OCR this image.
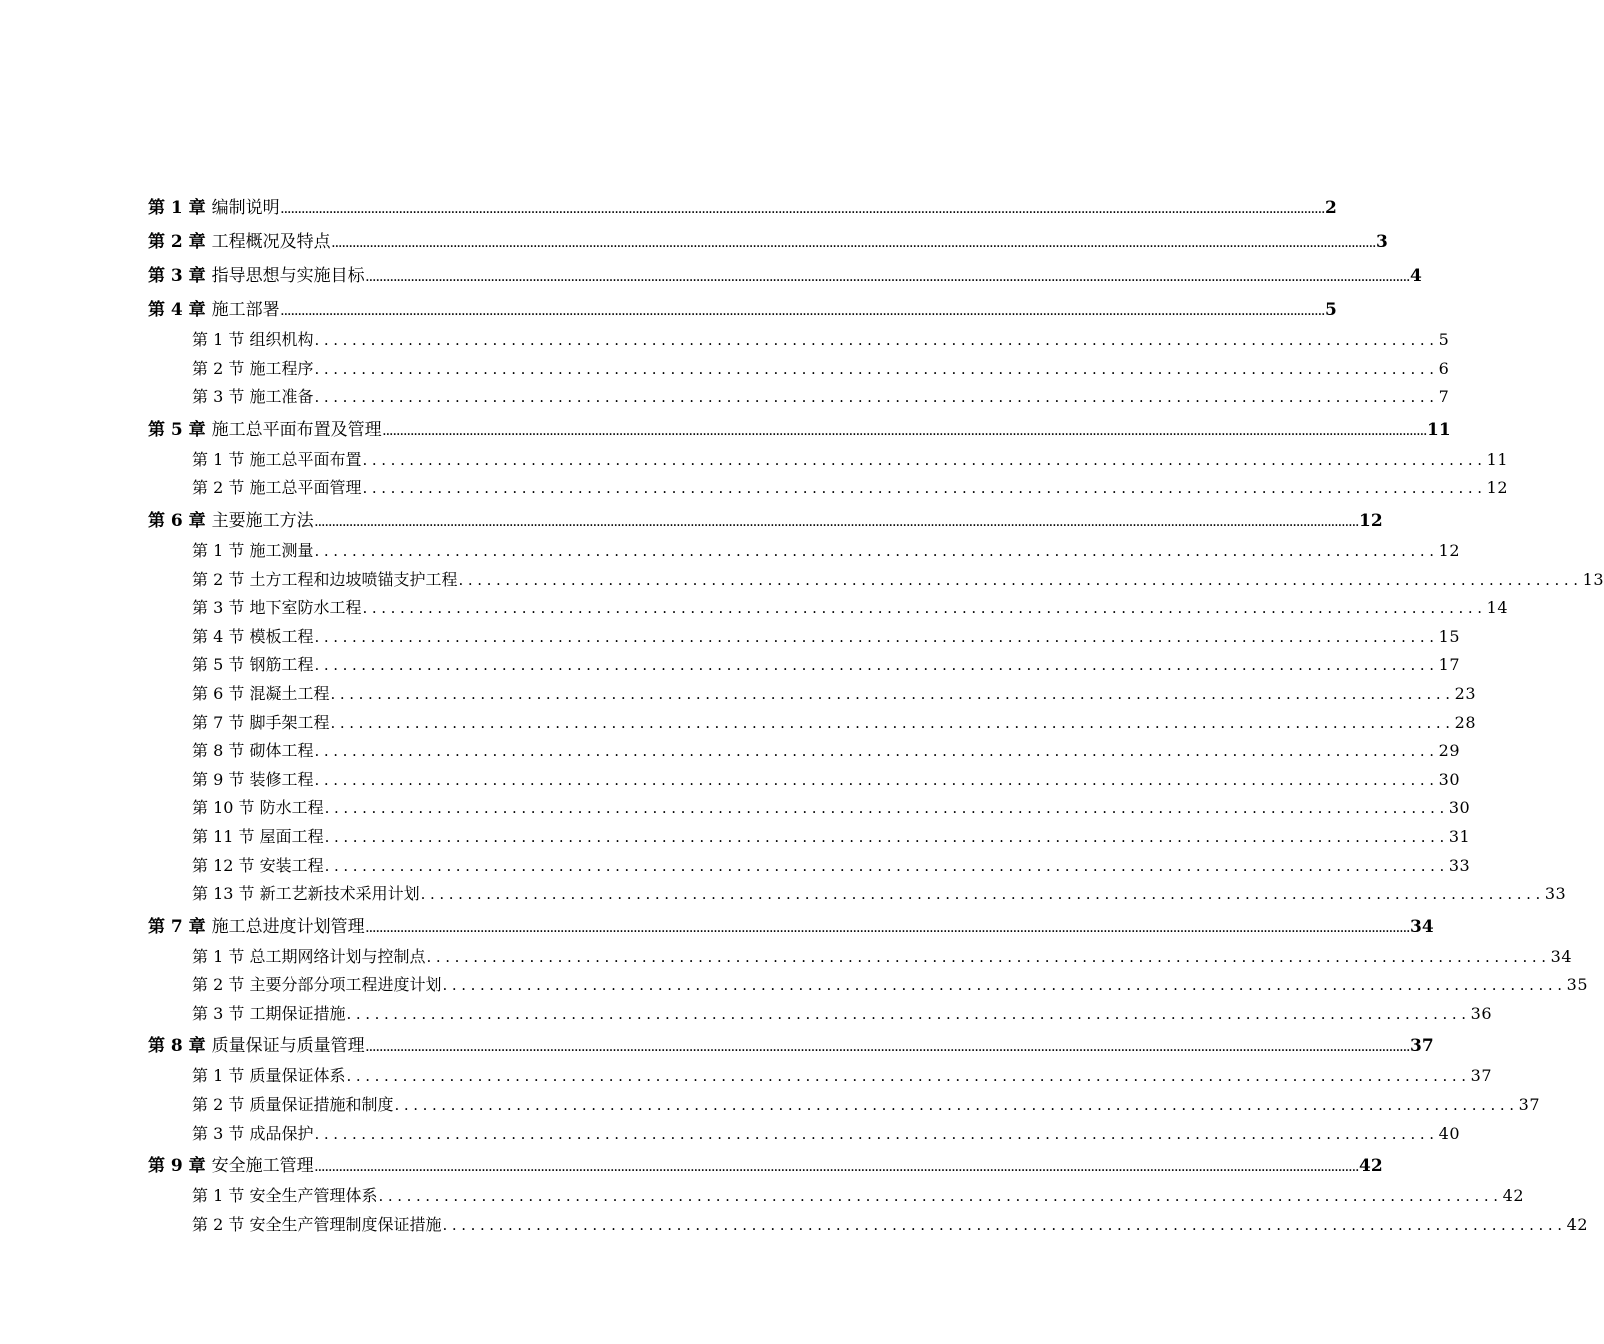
第 1 章 编制说明 ............................................................................................................................................................................................................................................................................................................ 2
第 2 章 工程概况及特点 ............................................................................................................................................................................................................................................................................................................ 3
第 3 章 指导思想与实施目标 ............................................................................................................................................................................................................................................................................................................ 4
第 4 章 施工部署 ............................................................................................................................................................................................................................................................................................................ 5
第 1 节 组织机构 ........................................................................................................................ 5
第 2 节 施工程序 ........................................................................................................................ 6
第 3 节 施工准备 ........................................................................................................................ 7
第 5 章 施工总平面布置及管理 ............................................................................................................................................................................................................................................................................................................ 11
第 1 节 施工总平面布置 ........................................................................................................................ 11
第 2 节 施工总平面管理 ........................................................................................................................ 12
第 6 章 主要施工方法 ............................................................................................................................................................................................................................................................................................................ 12
第 1 节 施工测量 ........................................................................................................................ 12
第 2 节 土方工程和边坡喷锚支护工程 ........................................................................................................................ 13
第 3 节 地下室防水工程 ........................................................................................................................ 14
第 4 节 模板工程 ........................................................................................................................ 15
第 5 节 钢筋工程 ........................................................................................................................ 17
第 6 节 混凝土工程 ........................................................................................................................ 23
第 7 节 脚手架工程 ........................................................................................................................ 28
第 8 节 砌体工程 ........................................................................................................................ 29
第 9 节 装修工程 ........................................................................................................................ 30
第 10 节 防水工程 ........................................................................................................................ 30
第 11 节 屋面工程 ........................................................................................................................ 31
第 12 节 安装工程 ........................................................................................................................ 33
第 13 节 新工艺新技术采用计划 ........................................................................................................................ 33
第 7 章 施工总进度计划管理 ............................................................................................................................................................................................................................................................................................................ 34
第 1 节 总工期网络计划与控制点 ........................................................................................................................ 34
第 2 节 主要分部分项工程进度计划 ........................................................................................................................ 35
第 3 节 工期保证措施 ........................................................................................................................ 36
第 8 章 质量保证与质量管理 ............................................................................................................................................................................................................................................................................................................ 37
第 1 节 质量保证体系 ........................................................................................................................ 37
第 2 节 质量保证措施和制度 ........................................................................................................................ 37
第 3 节 成品保护 ........................................................................................................................ 40
第 9 章 安全施工管理 ............................................................................................................................................................................................................................................................................................................ 42
第 1 节 安全生产管理体系 ........................................................................................................................ 42
第 2 节 安全生产管理制度保证措施 ........................................................................................................................ 42
